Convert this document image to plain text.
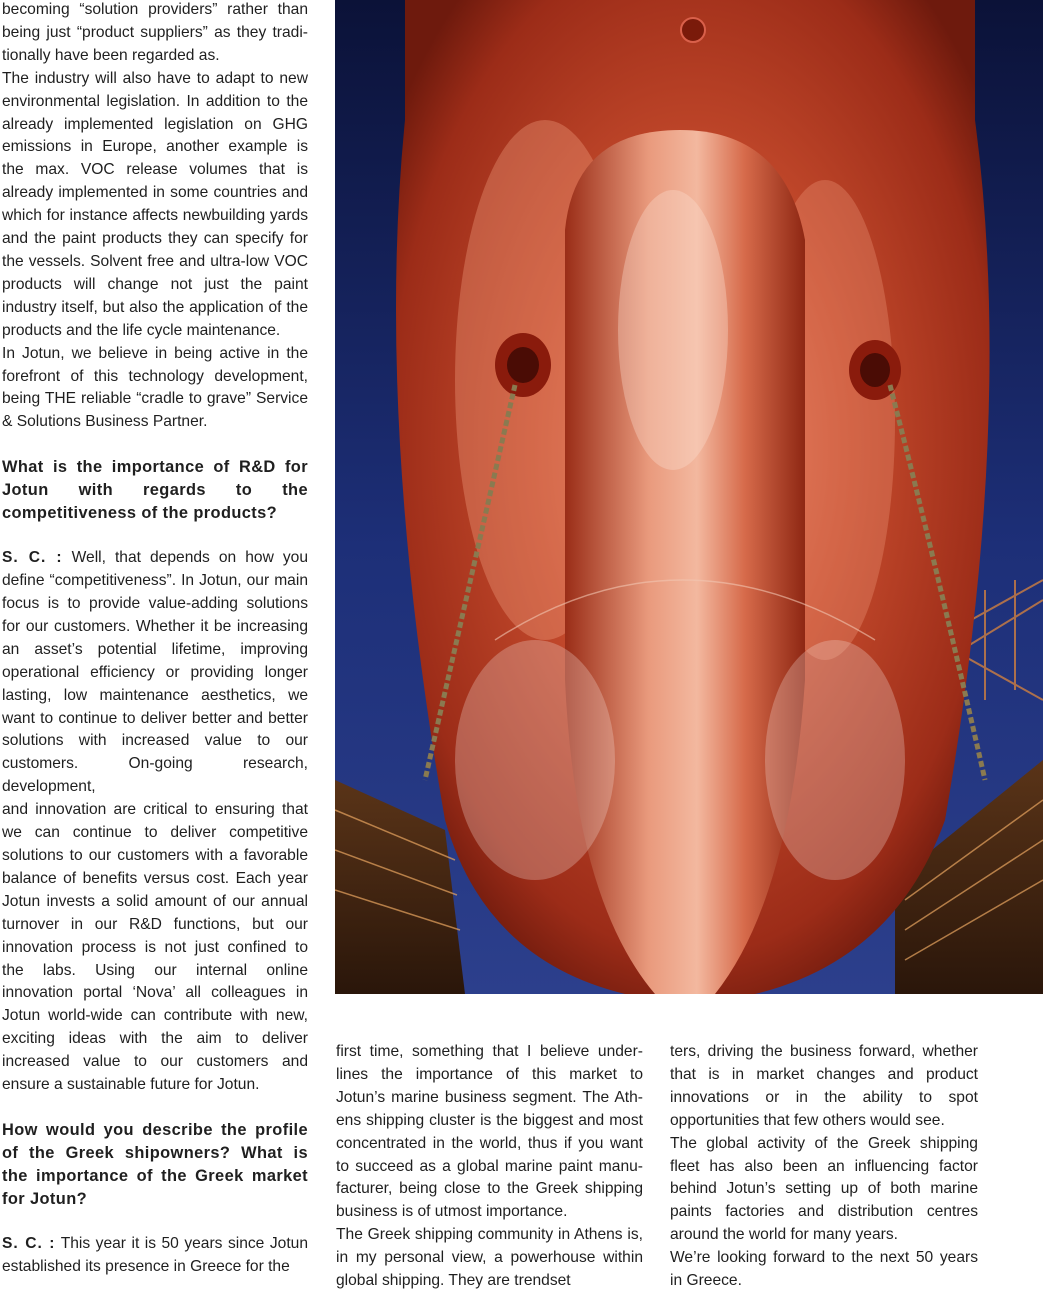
becoming “solution providers” rather than being just “product suppliers” as they traditionally have been regarded as.

The industry will also have to adapt to new environmental legislation. In addition to the already implemented legislation on GHG emissions in Europe, another example is the max. VOC release volumes that is already implemented in some countries and which for instance affects newbuilding yards and the paint products they can specify for the vessels. Solvent free and ultra-low VOC products will change not just the paint industry itself, but also the application of the products and the life cycle maintenance.

In Jotun, we believe in being active in the forefront of this technology development, being THE reliable “cradle to grave” Service & Solutions Business Partner.

What is the importance of R&D for Jotun with regards to the competitiveness of the products?

S. C. : Well, that depends on how you define “competitiveness”. In Jotun, our main focus is to provide value-adding solutions for our customers. Whether it be increasing an asset’s potential lifetime, improving operational efficiency or providing longer lasting, low maintenance aesthetics, we want to continue to deliver better and better solutions with increased value to our customers. On-going research, development,

and innovation are critical to ensuring that we can continue to deliver competitive solutions to our customers with a favorable balance of benefits versus cost. Each year Jotun invests a solid amount of our annual turnover in our R&D functions, but our innovation process is not just confined to the labs. Using our internal online innovation portal ‘Nova’ all colleagues in Jotun world-wide can contribute with new, exciting ideas with the aim to deliver increased value to our customers and ensure a sustainable future for Jotun.

How would you describe the profile of the Greek shipowners? What is the importance of the Greek market for Jotun?

S. C. : This year it is 50 years since Jotun established its presence in Greece for the

first time, something that I believe underlines the importance of this market to Jotun’s marine business segment. The Athens shipping cluster is the biggest and most concentrated in the world, thus if you want to succeed as a global marine paint manufacturer, being close to the Greek shipping business is of utmost importance.

The Greek shipping community in Athens is, in my personal view, a powerhouse within global shipping. They are trendset

ters, driving the business forward, whether that is in market changes and product innovations or in the ability to spot opportunities that few others would see.

The global activity of the Greek shipping fleet has also been an influencing factor behind Jotun’s setting up of both marine paints factories and distribution centres around the world for many years.

We’re looking forward to the next 50 years in Greece.
